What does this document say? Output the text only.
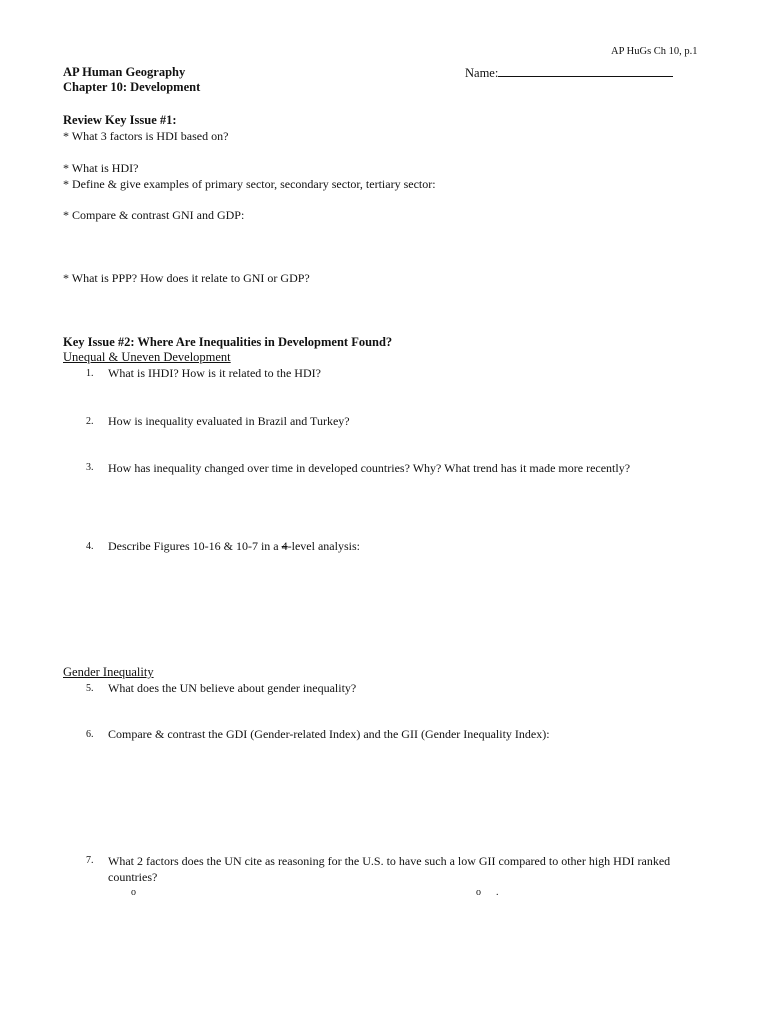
AP HuGs Ch 10, p.1
AP Human Geography
Chapter 10: Development
Name:
Review Key Issue #1:
* What 3 factors is HDI based on?
* What is HDI?
* Define & give examples of primary sector, secondary sector, tertiary sector:
* Compare & contrast GNI and GDP:
* What is PPP? How does it relate to GNI or GDP?
Key Issue #2: Where Are Inequalities in Development Found?
Unequal & Uneven Development
1. What is IHDI? How is it related to the HDI?
2. How is inequality evaluated in Brazil and Turkey?
3. How has inequality changed over time in developed countries? Why? What trend has it made more recently?
4. Describe Figures 10-16 & 10-7 in a 4-level analysis:
Gender Inequality
5. What does the UN believe about gender inequality?
6. Compare & contrast the GDI (Gender-related Index) and the GII (Gender Inequality Index):
7. What 2 factors does the UN cite as reasoning for the U.S. to have such a low GII compared to other high HDI ranked countries?
o	o .
